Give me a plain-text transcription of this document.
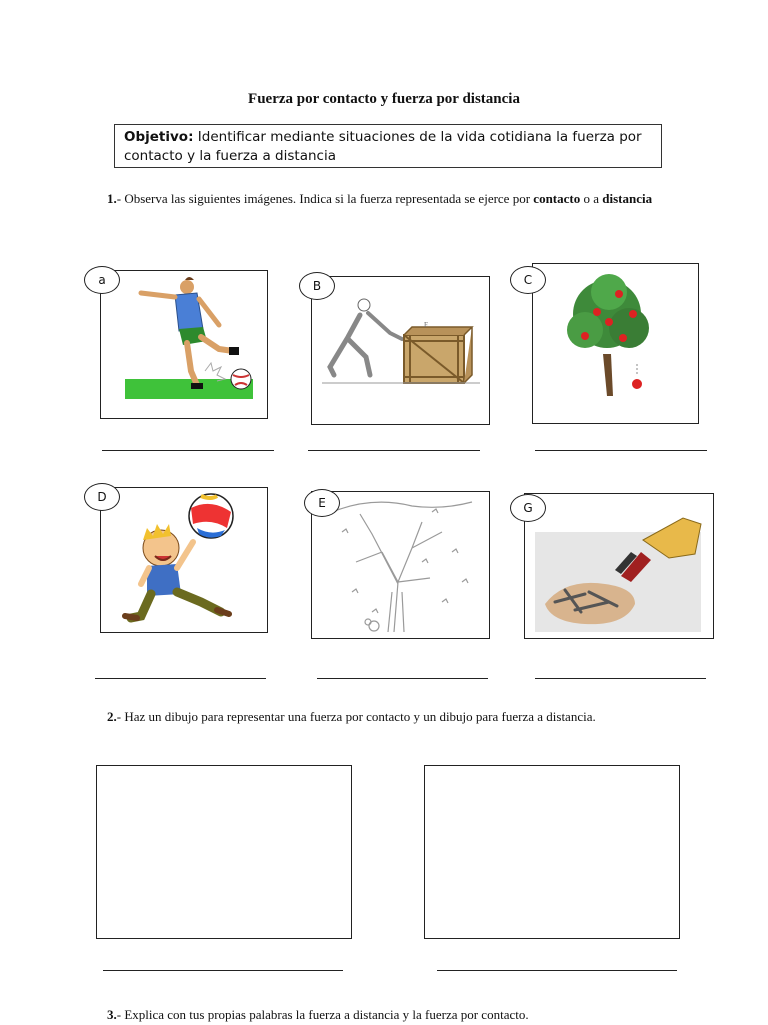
Fuerza por contacto y fuerza por distancia
Objetivo: Identificar mediante situaciones de la vida cotidiana la fuerza por contacto y la fuerza a distancia
1.- Observa las siguientes imágenes. Indica si la fuerza representada se ejerce por contacto o a distancia
a
F
B	C
D	E	G
2.- Haz un dibujo para representar una fuerza por contacto y un dibujo para fuerza a distancia.
3.- Explica con tus propias palabras la fuerza a distancia y la fuerza por contacto.
